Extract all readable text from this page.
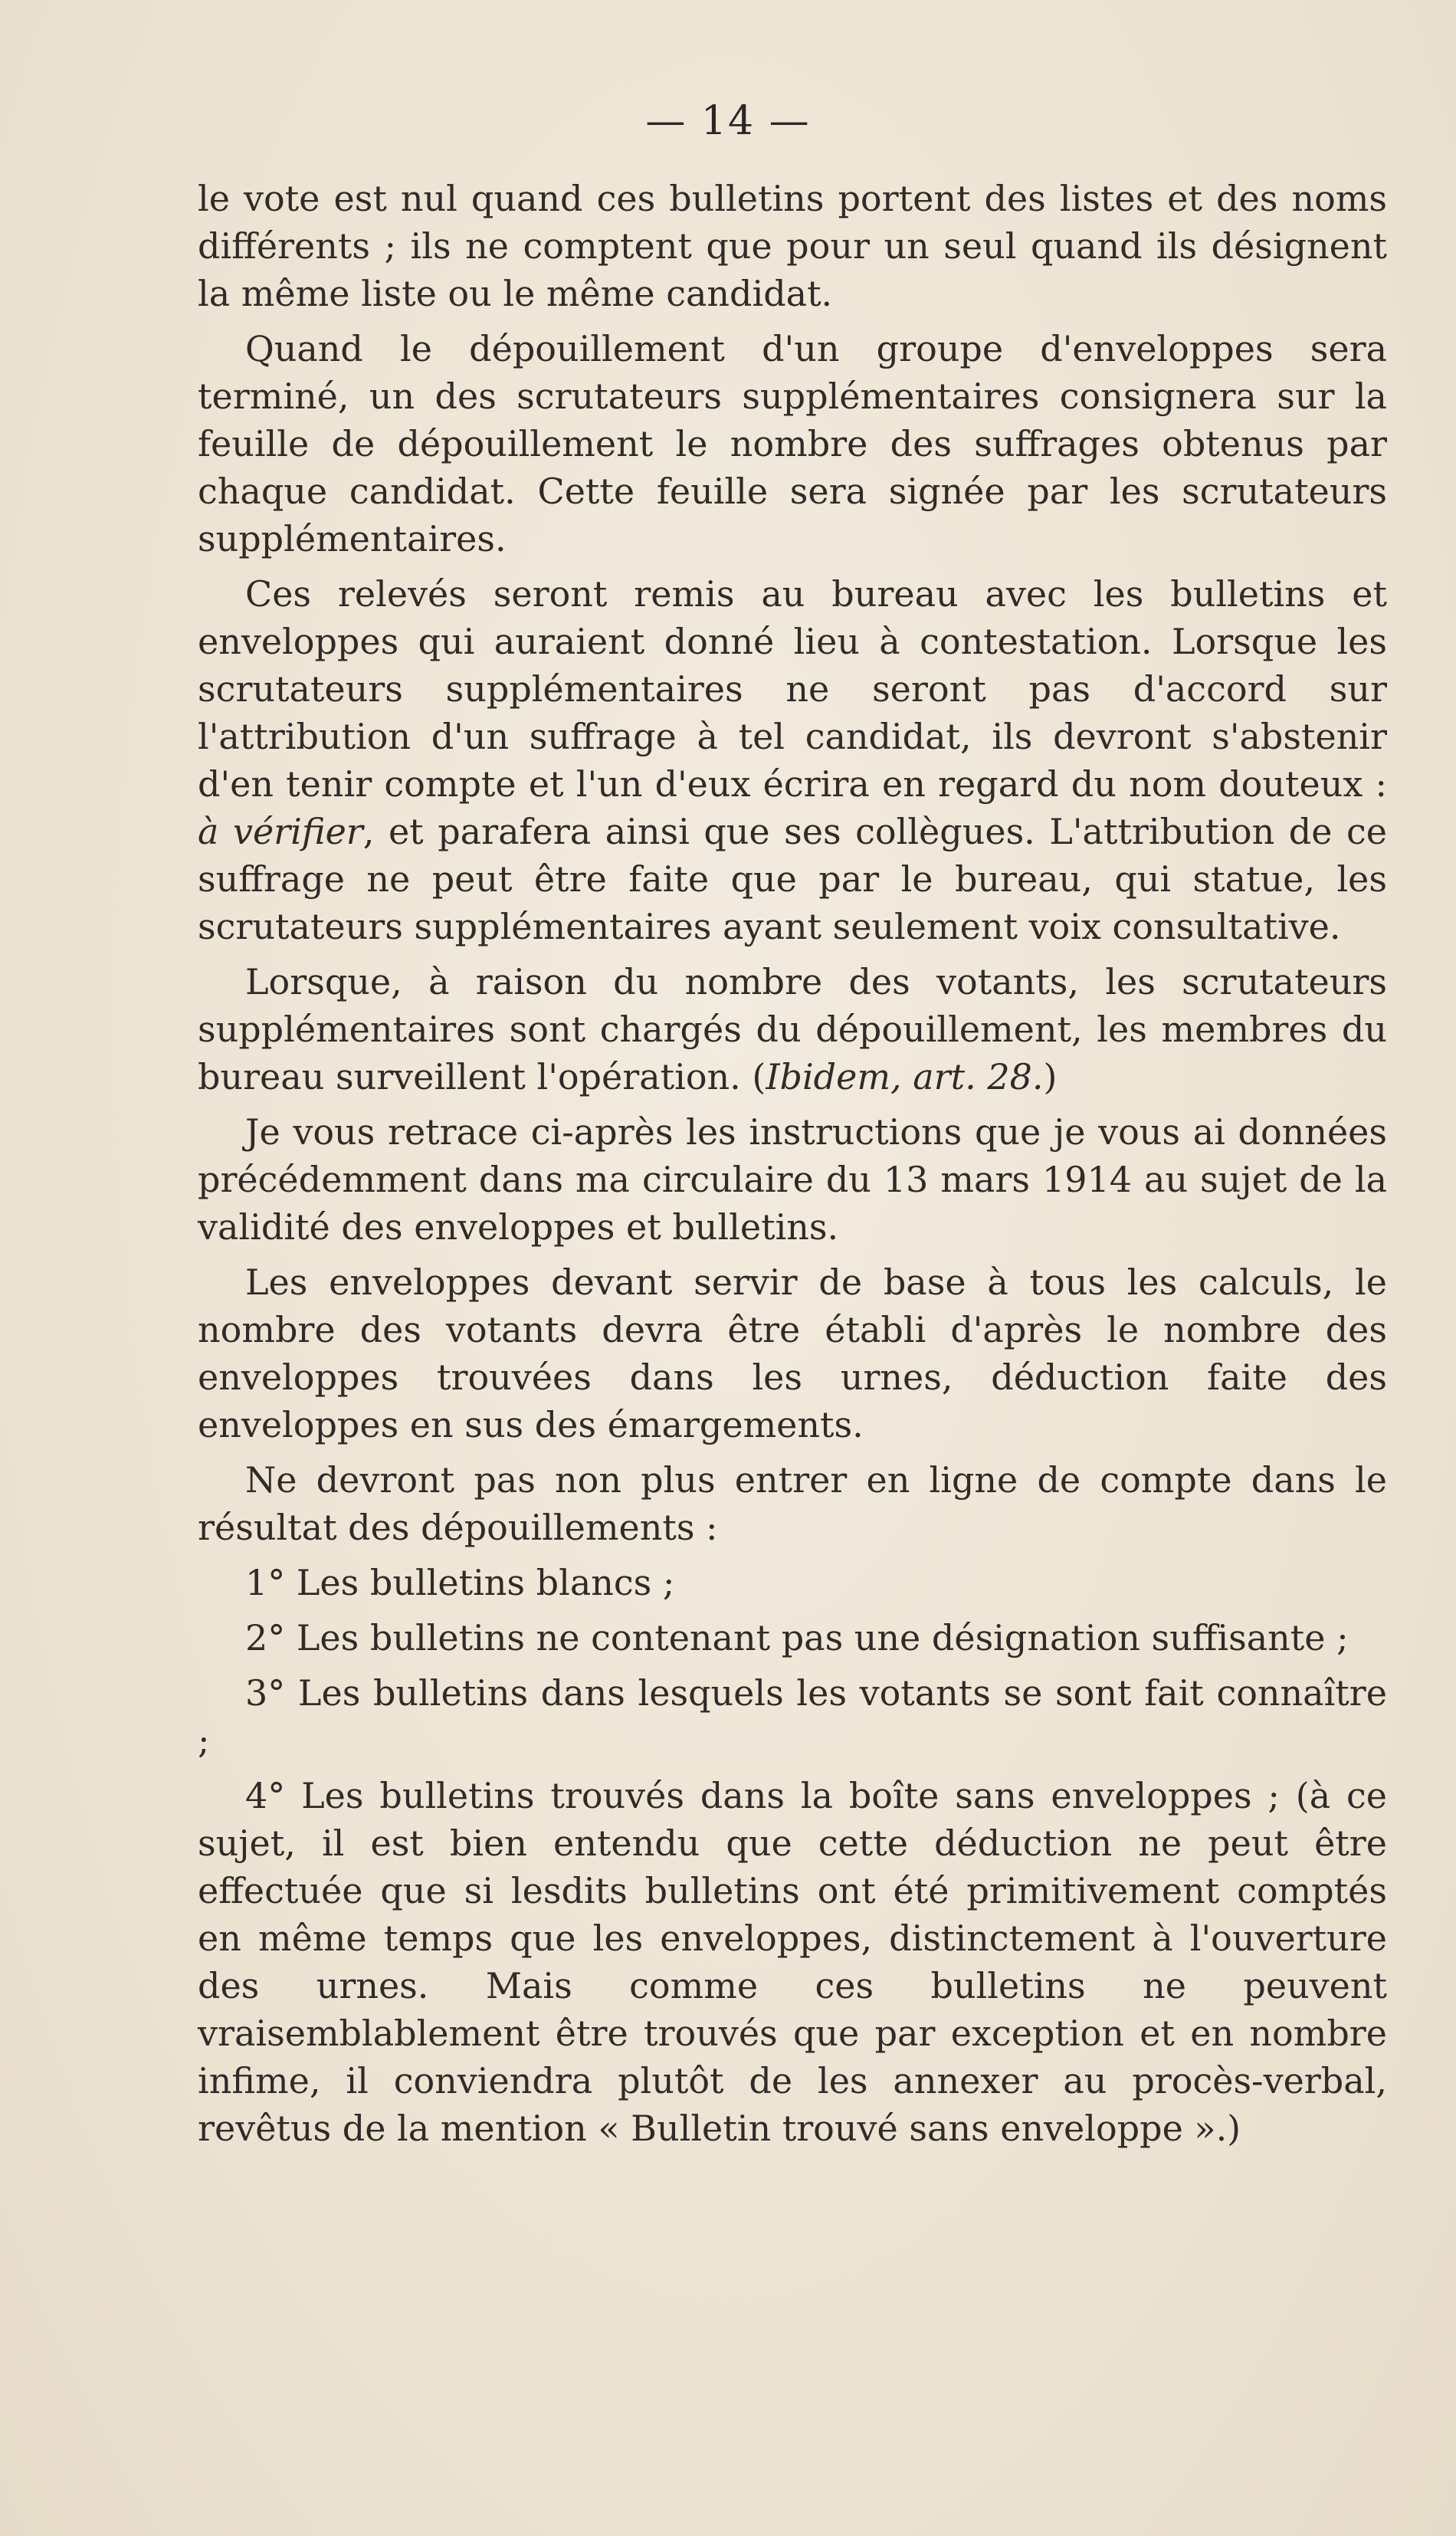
— 14 —

le vote est nul quand ces bulletins portent des listes et des noms différents ; ils ne comptent que pour un seul quand ils désignent la même liste ou le même candidat.

Quand le dépouillement d'un groupe d'enveloppes sera terminé, un des scrutateurs supplémentaires consignera sur la feuille de dépouillement le nombre des suffrages obtenus par chaque candidat. Cette feuille sera signée par les scrutateurs supplémentaires.

Ces relevés seront remis au bureau avec les bulletins et enveloppes qui auraient donné lieu à contestation. Lorsque les scrutateurs supplémentaires ne seront pas d'accord sur l'attribution d'un suffrage à tel candidat, ils devront s'abstenir d'en tenir compte et l'un d'eux écrira en regard du nom douteux : à vérifier, et parafera ainsi que ses collègues. L'attribution de ce suffrage ne peut être faite que par le bureau, qui statue, les scrutateurs supplémentaires ayant seulement voix consultative.

Lorsque, à raison du nombre des votants, les scrutateurs supplémentaires sont chargés du dépouillement, les membres du bureau surveillent l'opération. (Ibidem, art. 28.)

Je vous retrace ci-après les instructions que je vous ai données précédemment dans ma circulaire du 13 mars 1914 au sujet de la validité des enveloppes et bulletins.

Les enveloppes devant servir de base à tous les calculs, le nombre des votants devra être établi d'après le nombre des enveloppes trouvées dans les urnes, déduction faite des enveloppes en sus des émargements.

Ne devront pas non plus entrer en ligne de compte dans le résultat des dépouillements :

1° Les bulletins blancs ;

2° Les bulletins ne contenant pas une désignation suffisante ;

3° Les bulletins dans lesquels les votants se sont fait connaître ;

4° Les bulletins trouvés dans la boîte sans enveloppes ; (à ce sujet, il est bien entendu que cette déduction ne peut être effectuée que si lesdits bulletins ont été primitivement comptés en même temps que les enveloppes, distinctement à l'ouverture des urnes. Mais comme ces bulletins ne peuvent vraisemblablement être trouvés que par exception et en nombre infime, il conviendra plutôt de les annexer au procès-verbal, revêtus de la mention « Bulletin trouvé sans enveloppe ».)
